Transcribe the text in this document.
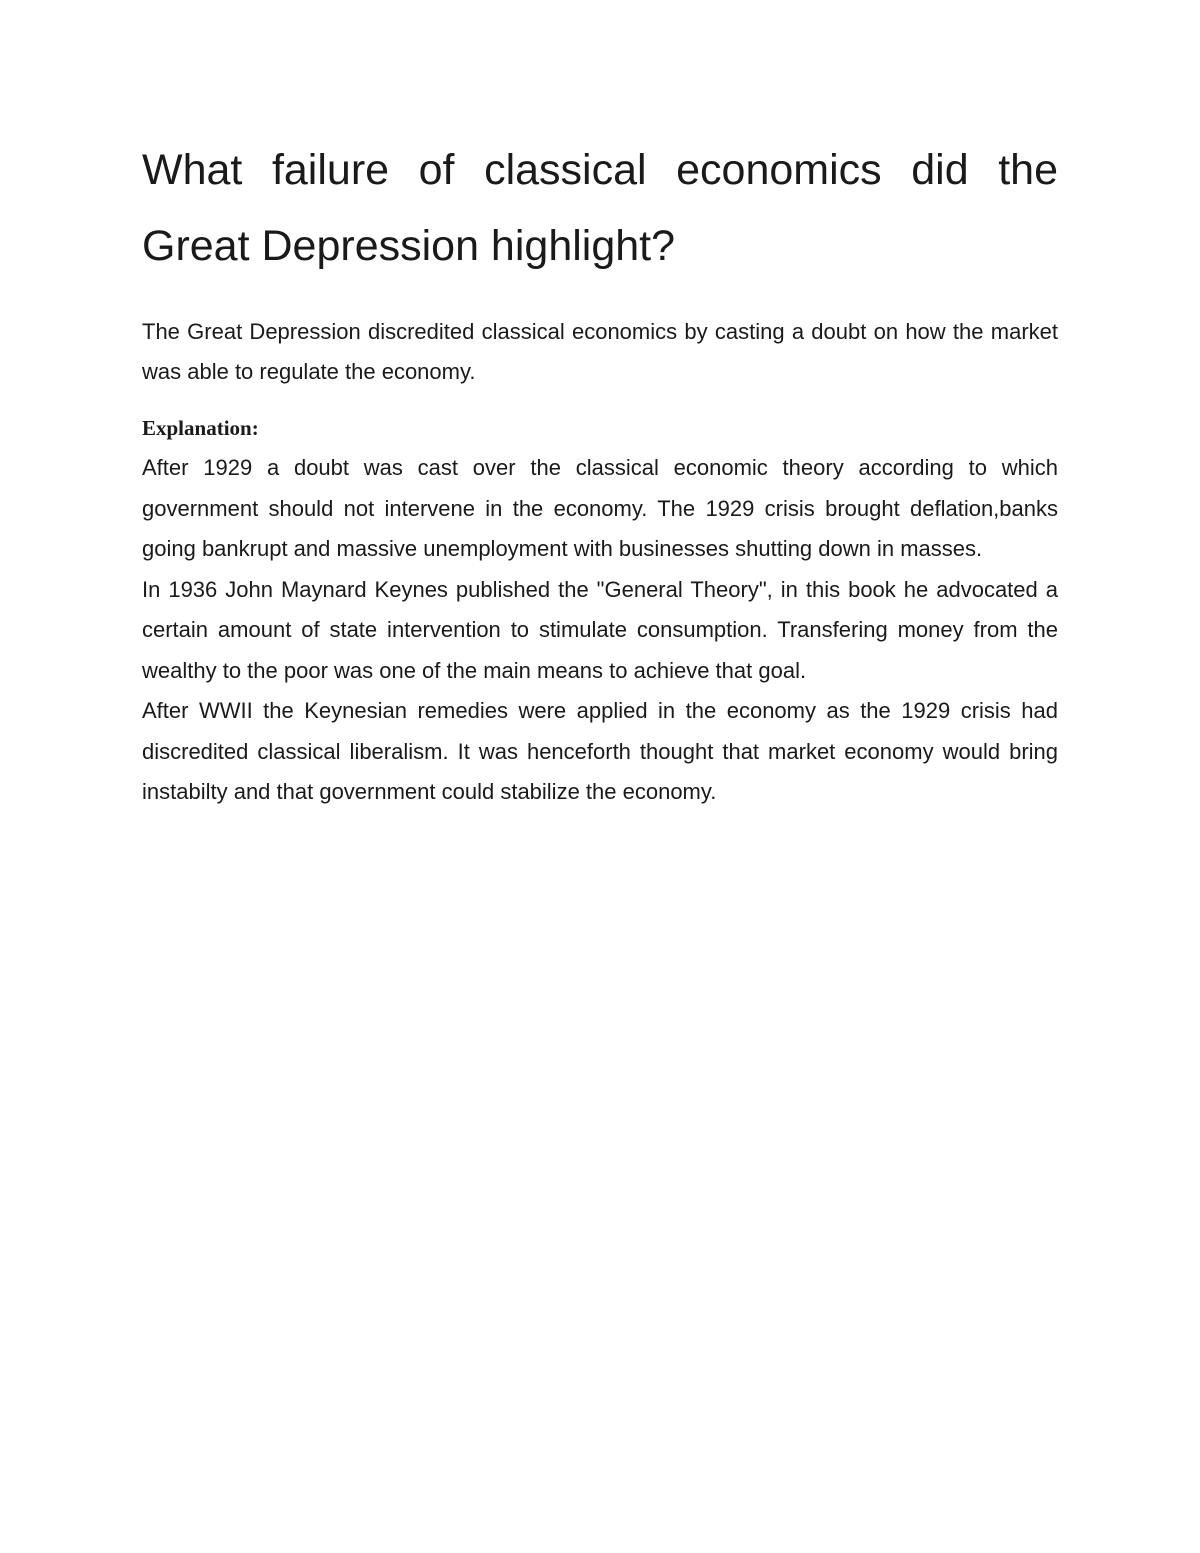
What failure of classical economics did the Great Depression highlight?

The Great Depression discredited classical economics by casting a doubt on how the market was able to regulate the economy.

Explanation:

After 1929 a doubt was cast over the classical economic theory according to which government should not intervene in the economy. The 1929 crisis brought deflation,banks going bankrupt and massive unemployment with businesses shutting down in masses.

In 1936 John Maynard Keynes published the "General Theory", in this book he advocated a certain amount of state intervention to stimulate consumption. Transfering money from the wealthy to the poor was one of the main means to achieve that goal.

After WWII the Keynesian remedies were applied in the economy as the 1929 crisis had discredited classical liberalism. It was henceforth thought that market economy would bring instabilty and that government could stabilize the economy.
